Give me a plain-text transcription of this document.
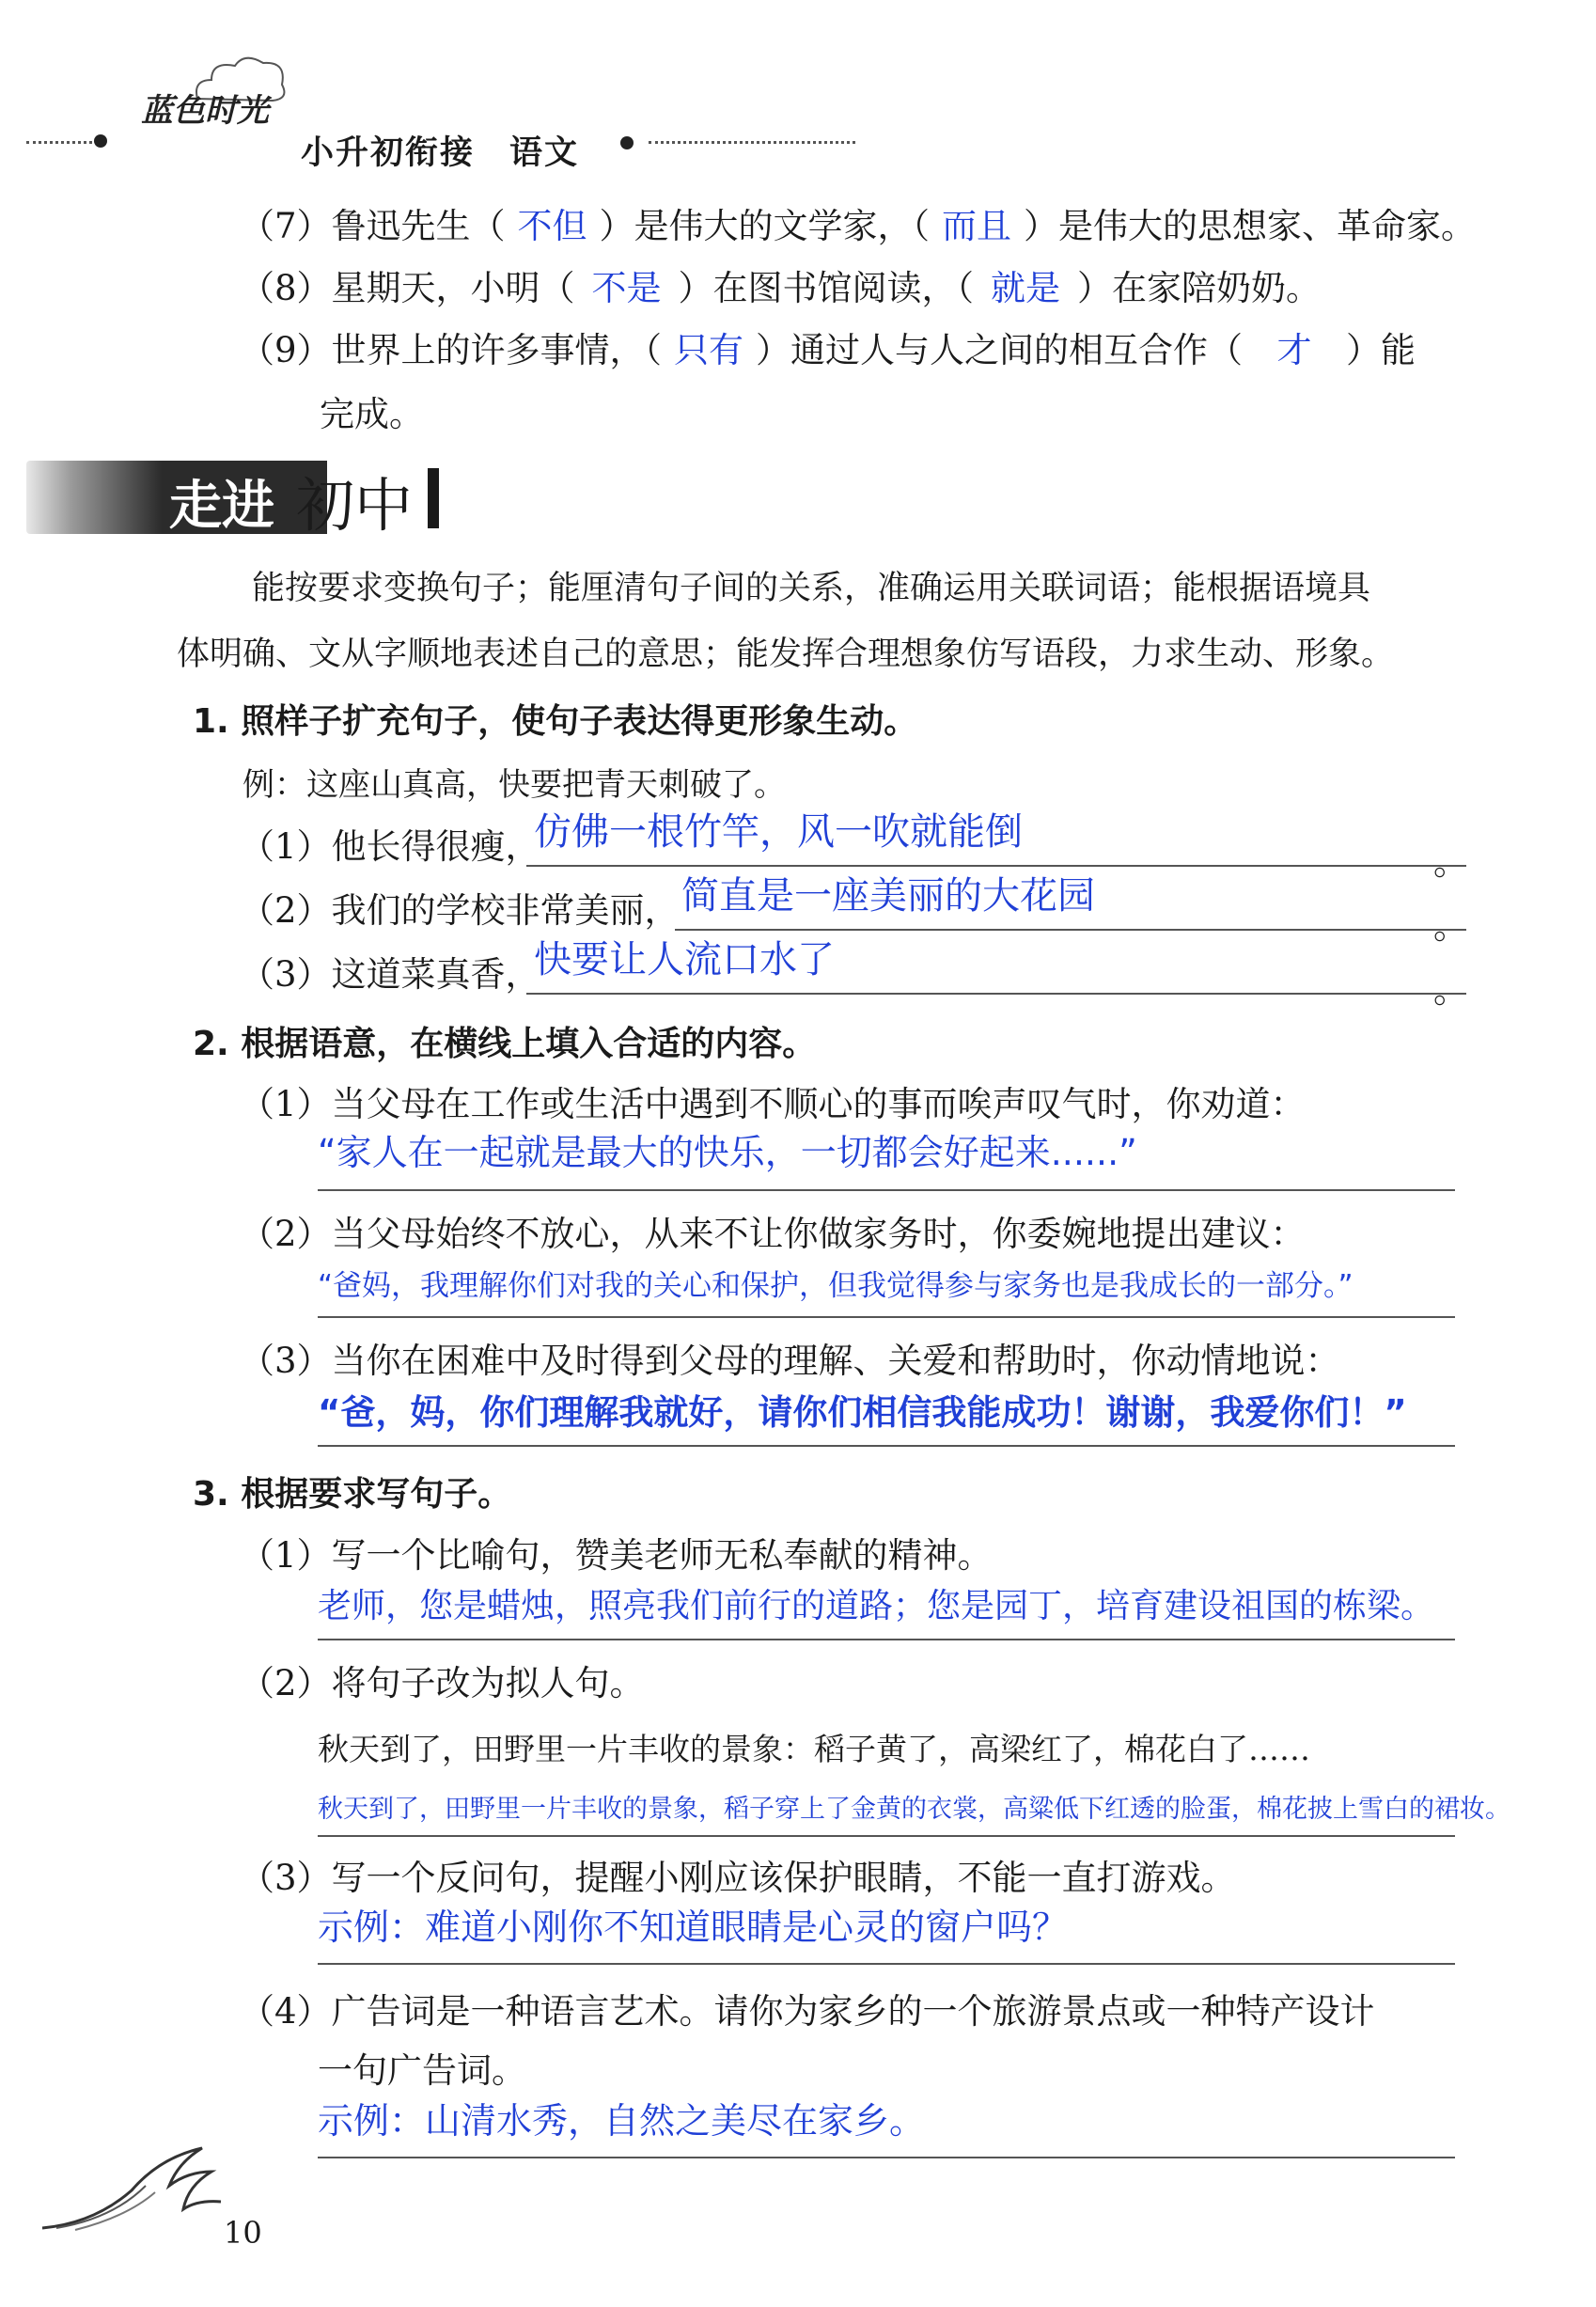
蓝色时光
小升初衔接　语文
（7）鲁迅先生（ 不但 ）是伟大的文学家，（ 而且 ）是伟大的思想家、革命家。
（8）星期天，小明（ 不是 ）在图书馆阅读，（ 就是 ）在家陪奶奶。
（9）世界上的许多事情，（ 只有 ）通过人与人之间的相互合作（ 才 ）能
完成。
走进 初中
能按要求变换句子；能厘清句子间的关系，准确运用关联词语；能根据语境具
体明确、文从字顺地表述自己的意思；能发挥合理想象仿写语段，力求生动、形象。
1. 照样子扩充句子，使句子表达得更形象生动。
例：这座山真高，快要把青天刺破了。
（1）他长得很瘦，
仿佛一根竹竿，风一吹就能倒
。
（2）我们的学校非常美丽， 简直是一座美丽的大花园
。
（3）这道菜真香，
快要让人流口水了
。
2. 根据语意，在横线上填入合适的内容。
（1）当父母在工作或生活中遇到不顺心的事而唉声叹气时，你劝道：
“家人在一起就是最大的快乐，一切都会好起来......”
（2）当父母始终不放心，从来不让你做家务时，你委婉地提出建议：
“爸妈，我理解你们对我的关心和保护，但我觉得参与家务也是我成长的一部分。”
（3）当你在困难中及时得到父母的理解、关爱和帮助时，你动情地说：
“爸，妈，你们理解我就好，请你们相信我能成功！谢谢，我爱你们！”
3. 根据要求写句子。
（1）写一个比喻句，赞美老师无私奉献的精神。
老师，您是蜡烛，照亮我们前行的道路；您是园丁，培育建设祖国的栋梁。
（2）将句子改为拟人句。
秋天到了，田野里一片丰收的景象：稻子黄了，高梁红了，棉花白了……
秋天到了，田野里一片丰收的景象，稻子穿上了金黄的衣裳，高粱低下红透的脸蛋，棉花披上雪白的裙妆。
（3）写一个反问句，提醒小刚应该保护眼睛，不能一直打游戏。
示例：难道小刚你不知道眼睛是心灵的窗户吗？
（4）广告词是一种语言艺术。请你为家乡的一个旅游景点或一种特产设计
一句广告词。
示例：山清水秀，自然之美尽在家乡。
10
